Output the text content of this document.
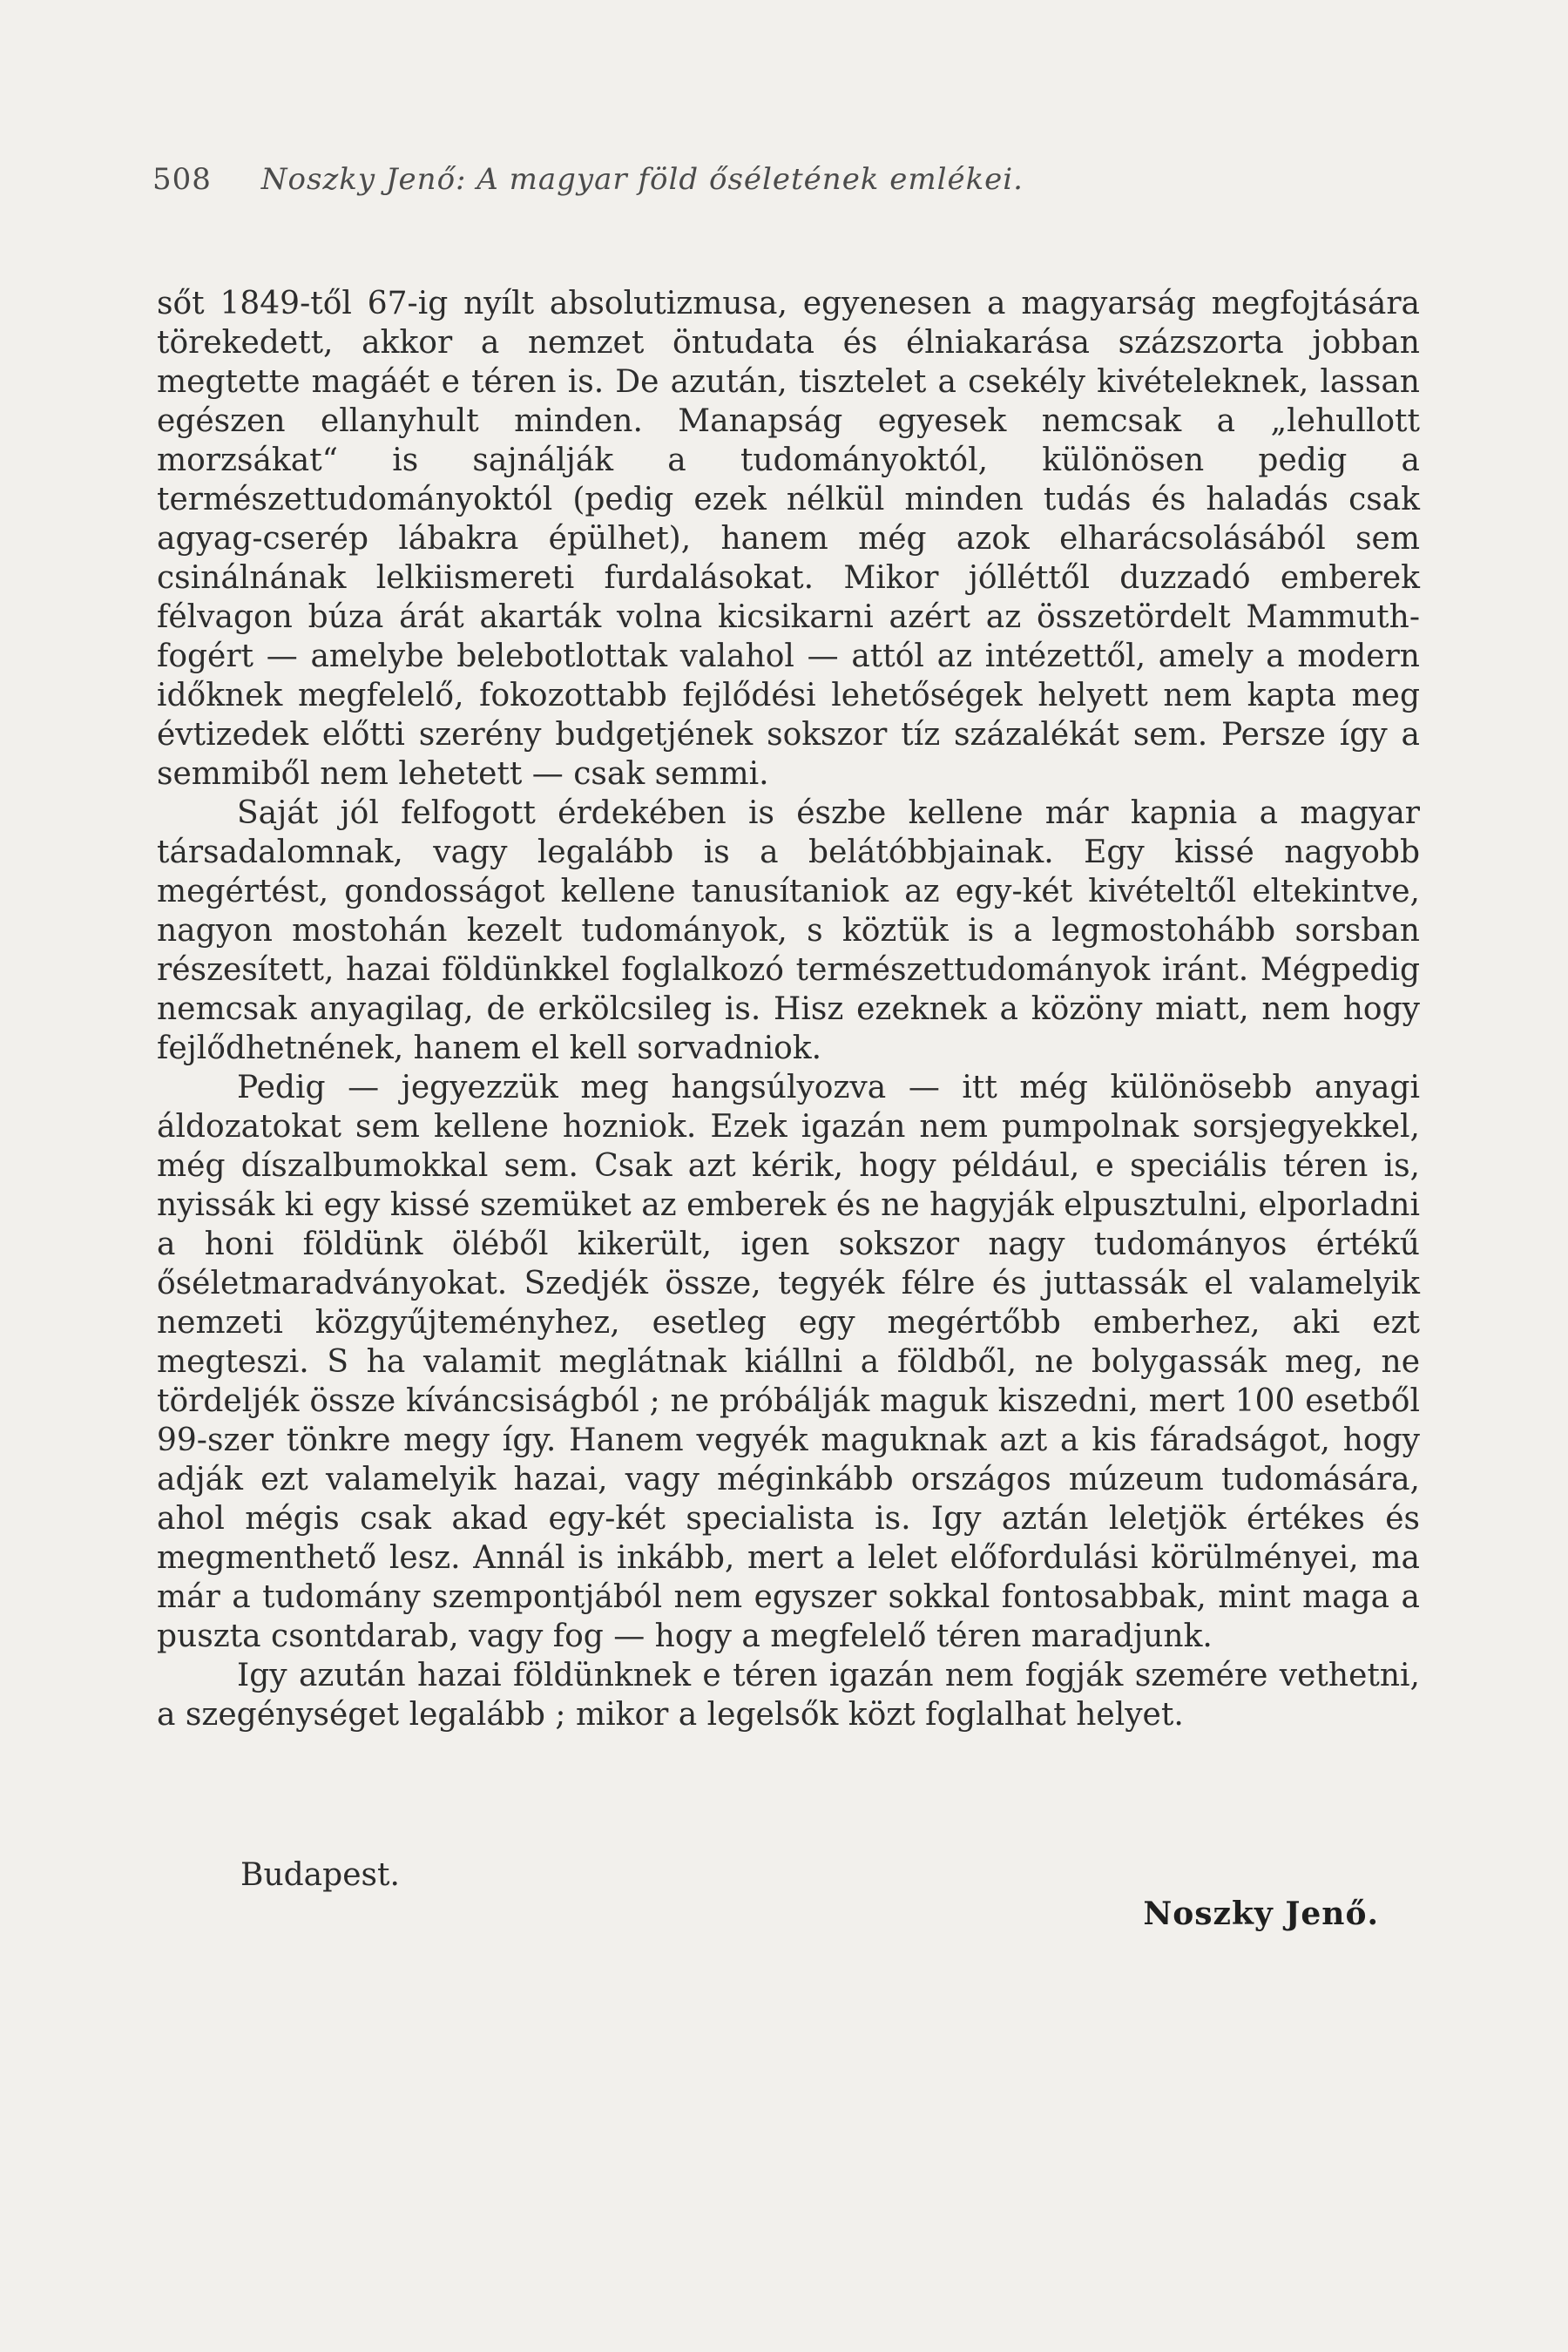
508 Noszky Jenő: A magyar föld őséletének emlékei.

sőt 1849-től 67-ig nyílt absolutizmusa, egyenesen a magyarság megfojtására törekedett, akkor a nemzet öntudata és élniakarása százszorta jobban megtette magáét e téren is. De azután, tisztelet a csekély kivételeknek, lassan egészen ellanyhult minden. Manapság egyesek nemcsak a „lehullott morzsákat“ is sajnálják a tudományoktól, különösen pedig a természettudományoktól (pedig ezek nélkül minden tudás és haladás csak agyag-cserép lábakra épülhet), hanem még azok elharácsolásából sem csinálnának lelkiismereti furdalásokat. Mikor jólléttől duzzadó emberek félvagon búza árát akarták volna kicsikarni azért az összetördelt Mammuth-fogért — amelybe belebotlottak valahol — attól az intézettől, amely a modern időknek megfelelő, fokozottabb fejlődési lehetőségek helyett nem kapta meg évtizedek előtti szerény budgetjének sokszor tíz százalékát sem. Persze így a semmiből nem lehetett — csak semmi.

Saját jól felfogott érdekében is észbe kellene már kapnia a magyar társadalomnak, vagy legalább is a belátóbbjainak. Egy kissé nagyobb megértést, gondosságot kellene tanusítaniok az egy-két kivételtől eltekintve, nagyon mostohán kezelt tudományok, s köztük is a legmostohább sorsban részesített, hazai földünkkel foglalkozó természettudományok iránt. Mégpedig nemcsak anyagilag, de erkölcsileg is. Hisz ezeknek a közöny miatt, nem hogy fejlődhetnének, hanem el kell sorvadniok.

Pedig — jegyezzük meg hangsúlyozva — itt még különösebb anyagi áldozatokat sem kellene hozniok. Ezek igazán nem pumpolnak sorsjegyekkel, még díszalbumokkal sem. Csak azt kérik, hogy például, e speciális téren is, nyissák ki egy kissé szemüket az emberek és ne hagyják elpusztulni, elporladni a honi földünk öléből kikerült, igen sokszor nagy tudományos értékű őséletmaradványokat. Szedjék össze, tegyék félre és juttassák el valamelyik nemzeti közgyűjteményhez, esetleg egy megértőbb emberhez, aki ezt megteszi. S ha valamit meglátnak kiállni a földből, ne bolygassák meg, ne tördeljék össze kíváncsiságból ; ne próbálják maguk kiszedni, mert 100 esetből 99-szer tönkre megy így. Hanem vegyék maguknak azt a kis fáradságot, hogy adják ezt valamelyik hazai, vagy méginkább országos múzeum tudomására, ahol mégis csak akad egy-két specialista is. Igy aztán leletjök értékes és megmenthető lesz. Annál is inkább, mert a lelet előfordulási körülményei, ma már a tudomány szempontjából nem egyszer sokkal fontosabbak, mint maga a puszta csontdarab, vagy fog — hogy a megfelelő téren maradjunk.

Igy azután hazai földünknek e téren igazán nem fogják szemére vethetni, a szegénységet legalább ; mikor a legelsők közt foglalhat helyet.

Budapest.
Noszky Jenő.
